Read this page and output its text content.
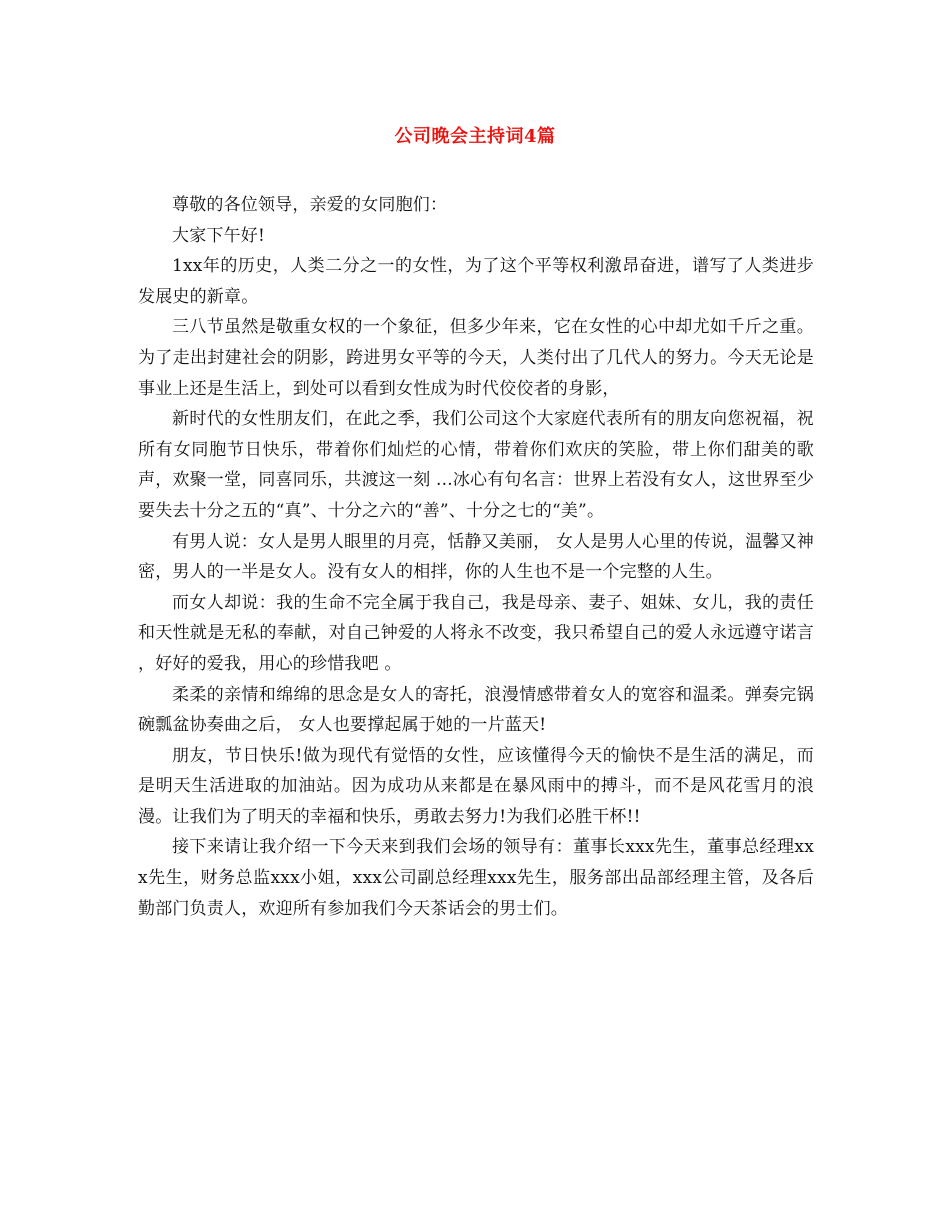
公司晚会主持词4篇

尊敬的各位领导，亲爱的女同胞们：

大家下午好!

1xx年的历史，人类二分之一的女性，为了这个平等权利激昂奋进，谱写了人类进步发展史的新章。

三八节虽然是敬重女权的一个象征，但多少年来，它在女性的心中却尤如千斤之重。为了走出封建社会的阴影，跨进男女平等的今天，人类付出了几代人的努力。今天无论是事业上还是生活上，到处可以看到女性成为时代佼佼者的身影，

新时代的女性朋友们，在此之季，我们公司这个大家庭代表所有的朋友向您祝福，祝所有女同胞节日快乐，带着你们灿烂的心情，带着你们欢庆的笑脸，带上你们甜美的歌声，欢聚一堂，同喜同乐，共渡这一刻 ...冰心有句名言：世界上若没有女人，这世界至少要失去十分之五的“真”、十分之六的“善”、十分之七的“美”。

有男人说：女人是男人眼里的月亮，恬静又美丽， 女人是男人心里的传说，温馨又神密，男人的一半是女人。没有女人的相拌，你的人生也不是一个完整的人生。

而女人却说：我的生命不完全属于我自己，我是母亲、妻子、姐妹、女儿，我的责任和天性就是无私的奉献，对自己钟爱的人将永不改变，我只希望自己的爱人永远遵守诺言 ，好好的爱我，用心的珍惜我吧 。

柔柔的亲情和绵绵的思念是女人的寄托，浪漫情感带着女人的宽容和温柔。弹奏完锅碗瓢盆协奏曲之后， 女人也要撑起属于她的一片蓝天!

朋友，节日快乐!做为现代有觉悟的女性，应该懂得今天的愉快不是生活的满足，而是明天生活进取的加油站。因为成功从来都是在暴风雨中的搏斗，而不是风花雪月的浪漫。让我们为了明天的幸福和快乐，勇敢去努力!为我们必胜干杯!!

接下来请让我介绍一下今天来到我们会场的领导有：董事长xxx先生，董事总经理xxx先生，财务总监xxx小姐，xxx公司副总经理xxx先生，服务部出品部经理主管，及各后勤部门负责人，欢迎所有参加我们今天茶话会的男士们。
